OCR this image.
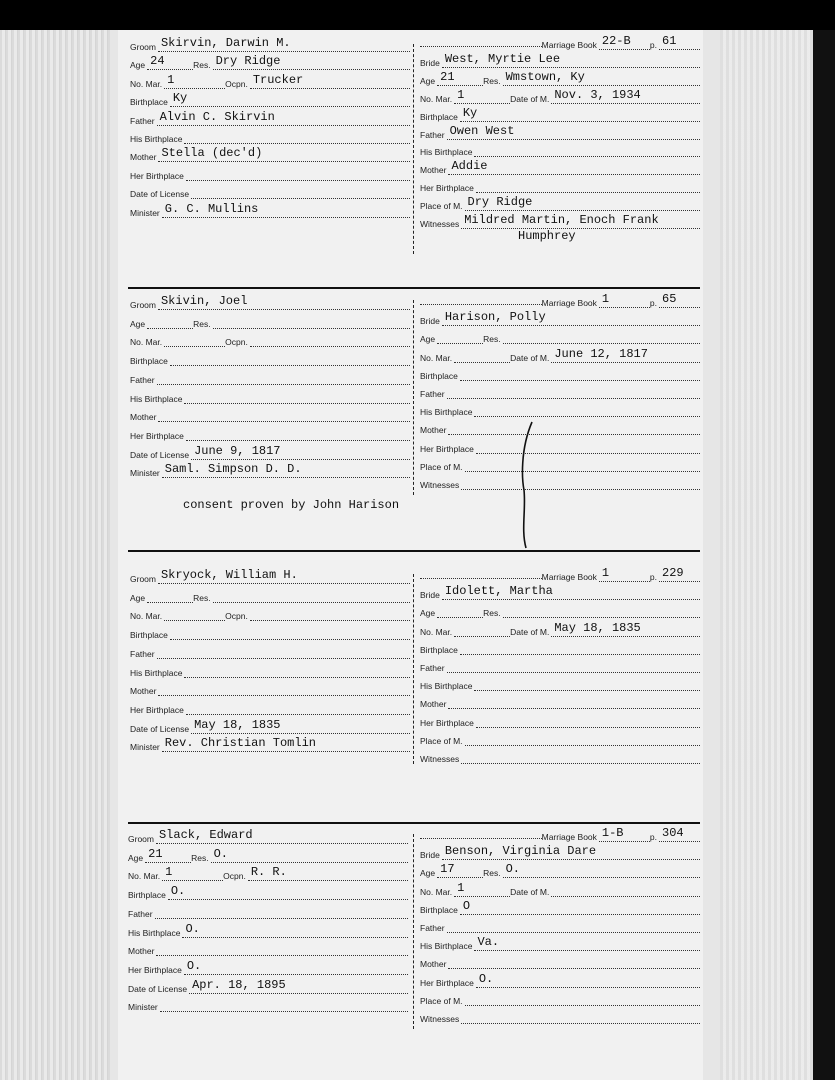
Groom Skirvin, Darwin M.
Age 24	Res. Dry Ridge
No. Mar. 1	Ocpn. Trucker
Birthplace Ky
Father Alvin C. Skirvin
His Birthplace
Mother Stella (dec'd)
Her Birthplace
Date of License
Minister G. C. Mullins
Marriage Book 22-B	p. 61
Bride West, Myrtie Lee
Age 21	Res. Wmstown, Ky
No. Mar. 1	Date of M. Nov. 3, 1934
Birthplace Ky
Father Owen West
His Birthplace
Mother Addie
Her Birthplace
Place of M. Dry Ridge
Witnesses Mildred Martin, Enoch Frank
Humphrey
Groom Skivin, Joel
Age	Res.
No. Mar.	Ocpn.
Birthplace
Father
His Birthplace
Mother
Her Birthplace
Date of License June 9, 1817
Minister Saml. Simpson D. D.
Marriage Book 1	p. 65
Bride Harison, Polly
Age	Res.
No. Mar.	Date of M. June 12, 1817
Birthplace
Father
His Birthplace
Mother
Her Birthplace
Place of M.
Witnesses
consent proven by John Harison
Groom Skryock, William H.
Age	Res.
No. Mar.	Ocpn.
Birthplace
Father
His Birthplace
Mother
Her Birthplace
Date of License May 18, 1835
Minister Rev. Christian Tomlin
Marriage Book 1	p. 229
Bride Idolett, Martha
Age	Res.
No. Mar.	Date of M. May 18, 1835
Birthplace
Father
His Birthplace
Mother
Her Birthplace
Place of M.
Witnesses
Groom Slack, Edward
Age 21	Res. O.
No. Mar. 1	Ocpn. R. R.
Birthplace O.
Father
His Birthplace O.
Mother
Her Birthplace O.
Date of License Apr. 18, 1895
Minister
Marriage Book 1-B	p. 304
Bride Benson, Virginia Dare
Age 17	Res. O.
No. Mar. 1	Date of M.
Birthplace O
Father
His Birthplace Va.
Mother
Her Birthplace O.
Place of M.
Witnesses
